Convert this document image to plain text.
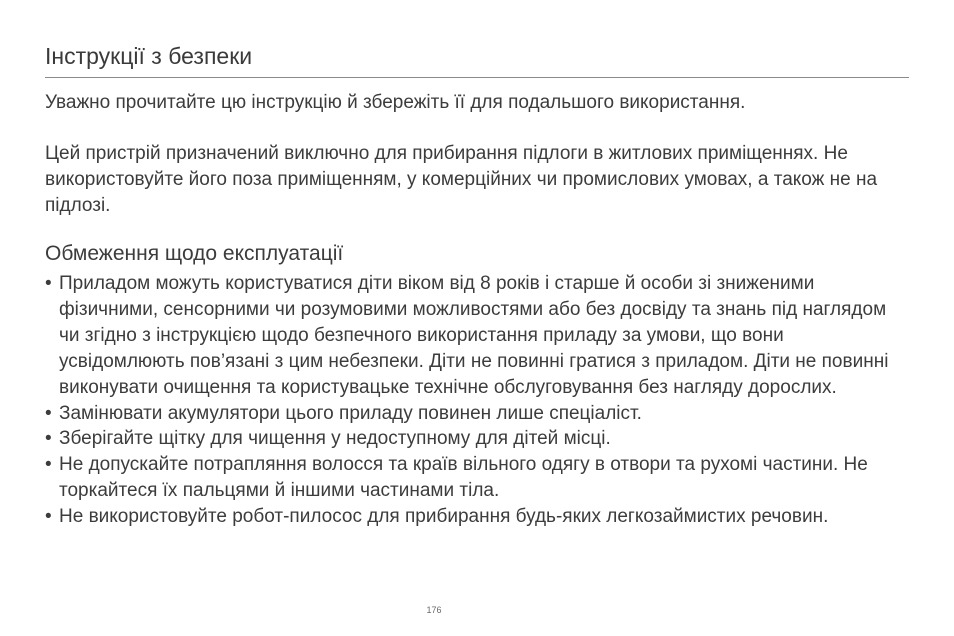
Інструкції з безпеки

Уважно прочитайте цю інструкцію й збережіть її для подальшого використання.

Цей пристрій призначений виключно для прибирання підлоги в житлових приміщеннях. Не використовуйте його поза приміщенням, у комерційних чи промислових умовах, а також не на підлозі.

Обмеження щодо експлуатації
• Приладом можуть користуватися діти віком від 8 років і старше й особи зі зниженими фізичними, сенсорними чи розумовими можливостями або без досвіду та знань під наглядом чи згідно з інструкцією щодо безпечного використання приладу за умови, що вони усвідомлюють пов’язані з цим небезпеки. Діти не повинні гратися з приладом. Діти не повинні виконувати очищення та користувацьке технічне обслуговування без нагляду дорослих.
• Замінювати акумулятори цього приладу повинен лише спеціаліст.
• Зберігайте щітку для чищення у недоступному для дітей місці.
• Не допускайте потрапляння волосся та країв вільного одягу в отвори та рухомі частини. Не торкайтеся їх пальцями й іншими частинами тіла.
• Не використовуйте робот-пилосос для прибирання будь-яких легкозаймистих речовин.
176
